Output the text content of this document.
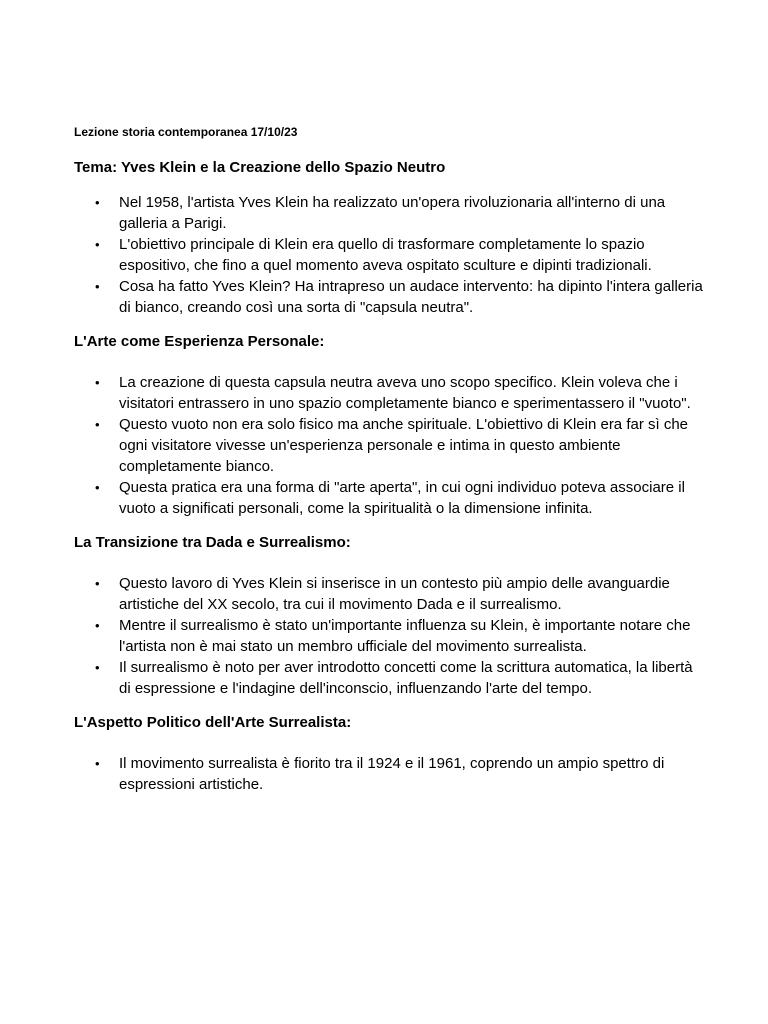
Lezione storia contemporanea 17/10/23
Tema: Yves Klein e la Creazione dello Spazio Neutro
• Nel 1958, l'artista Yves Klein ha realizzato un'opera rivoluzionaria all'interno di una galleria a Parigi.
• L'obiettivo principale di Klein era quello di trasformare completamente lo spazio espositivo, che fino a quel momento aveva ospitato sculture e dipinti tradizionali.
• Cosa ha fatto Yves Klein? Ha intrapreso un audace intervento: ha dipinto l'intera galleria di bianco, creando così una sorta di "capsula neutra".
L'Arte come Esperienza Personale:
• La creazione di questa capsula neutra aveva uno scopo specifico. Klein voleva che i visitatori entrassero in uno spazio completamente bianco e sperimentassero il "vuoto".
• Questo vuoto non era solo fisico ma anche spirituale. L'obiettivo di Klein era far sì che ogni visitatore vivesse un'esperienza personale e intima in questo ambiente completamente bianco.
• Questa pratica era una forma di "arte aperta", in cui ogni individuo poteva associare il vuoto a significati personali, come la spiritualità o la dimensione infinita.
La Transizione tra Dada e Surrealismo:
• Questo lavoro di Yves Klein si inserisce in un contesto più ampio delle avanguardie artistiche del XX secolo, tra cui il movimento Dada e il surrealismo.
• Mentre il surrealismo è stato un'importante influenza su Klein, è importante notare che l'artista non è mai stato un membro ufficiale del movimento surrealista.
• Il surrealismo è noto per aver introdotto concetti come la scrittura automatica, la libertà di espressione e l'indagine dell'inconscio, influenzando l'arte del tempo.
L'Aspetto Politico dell'Arte Surrealista:
• Il movimento surrealista è fiorito tra il 1924 e il 1961, coprendo un ampio spettro di espressioni artistiche.
